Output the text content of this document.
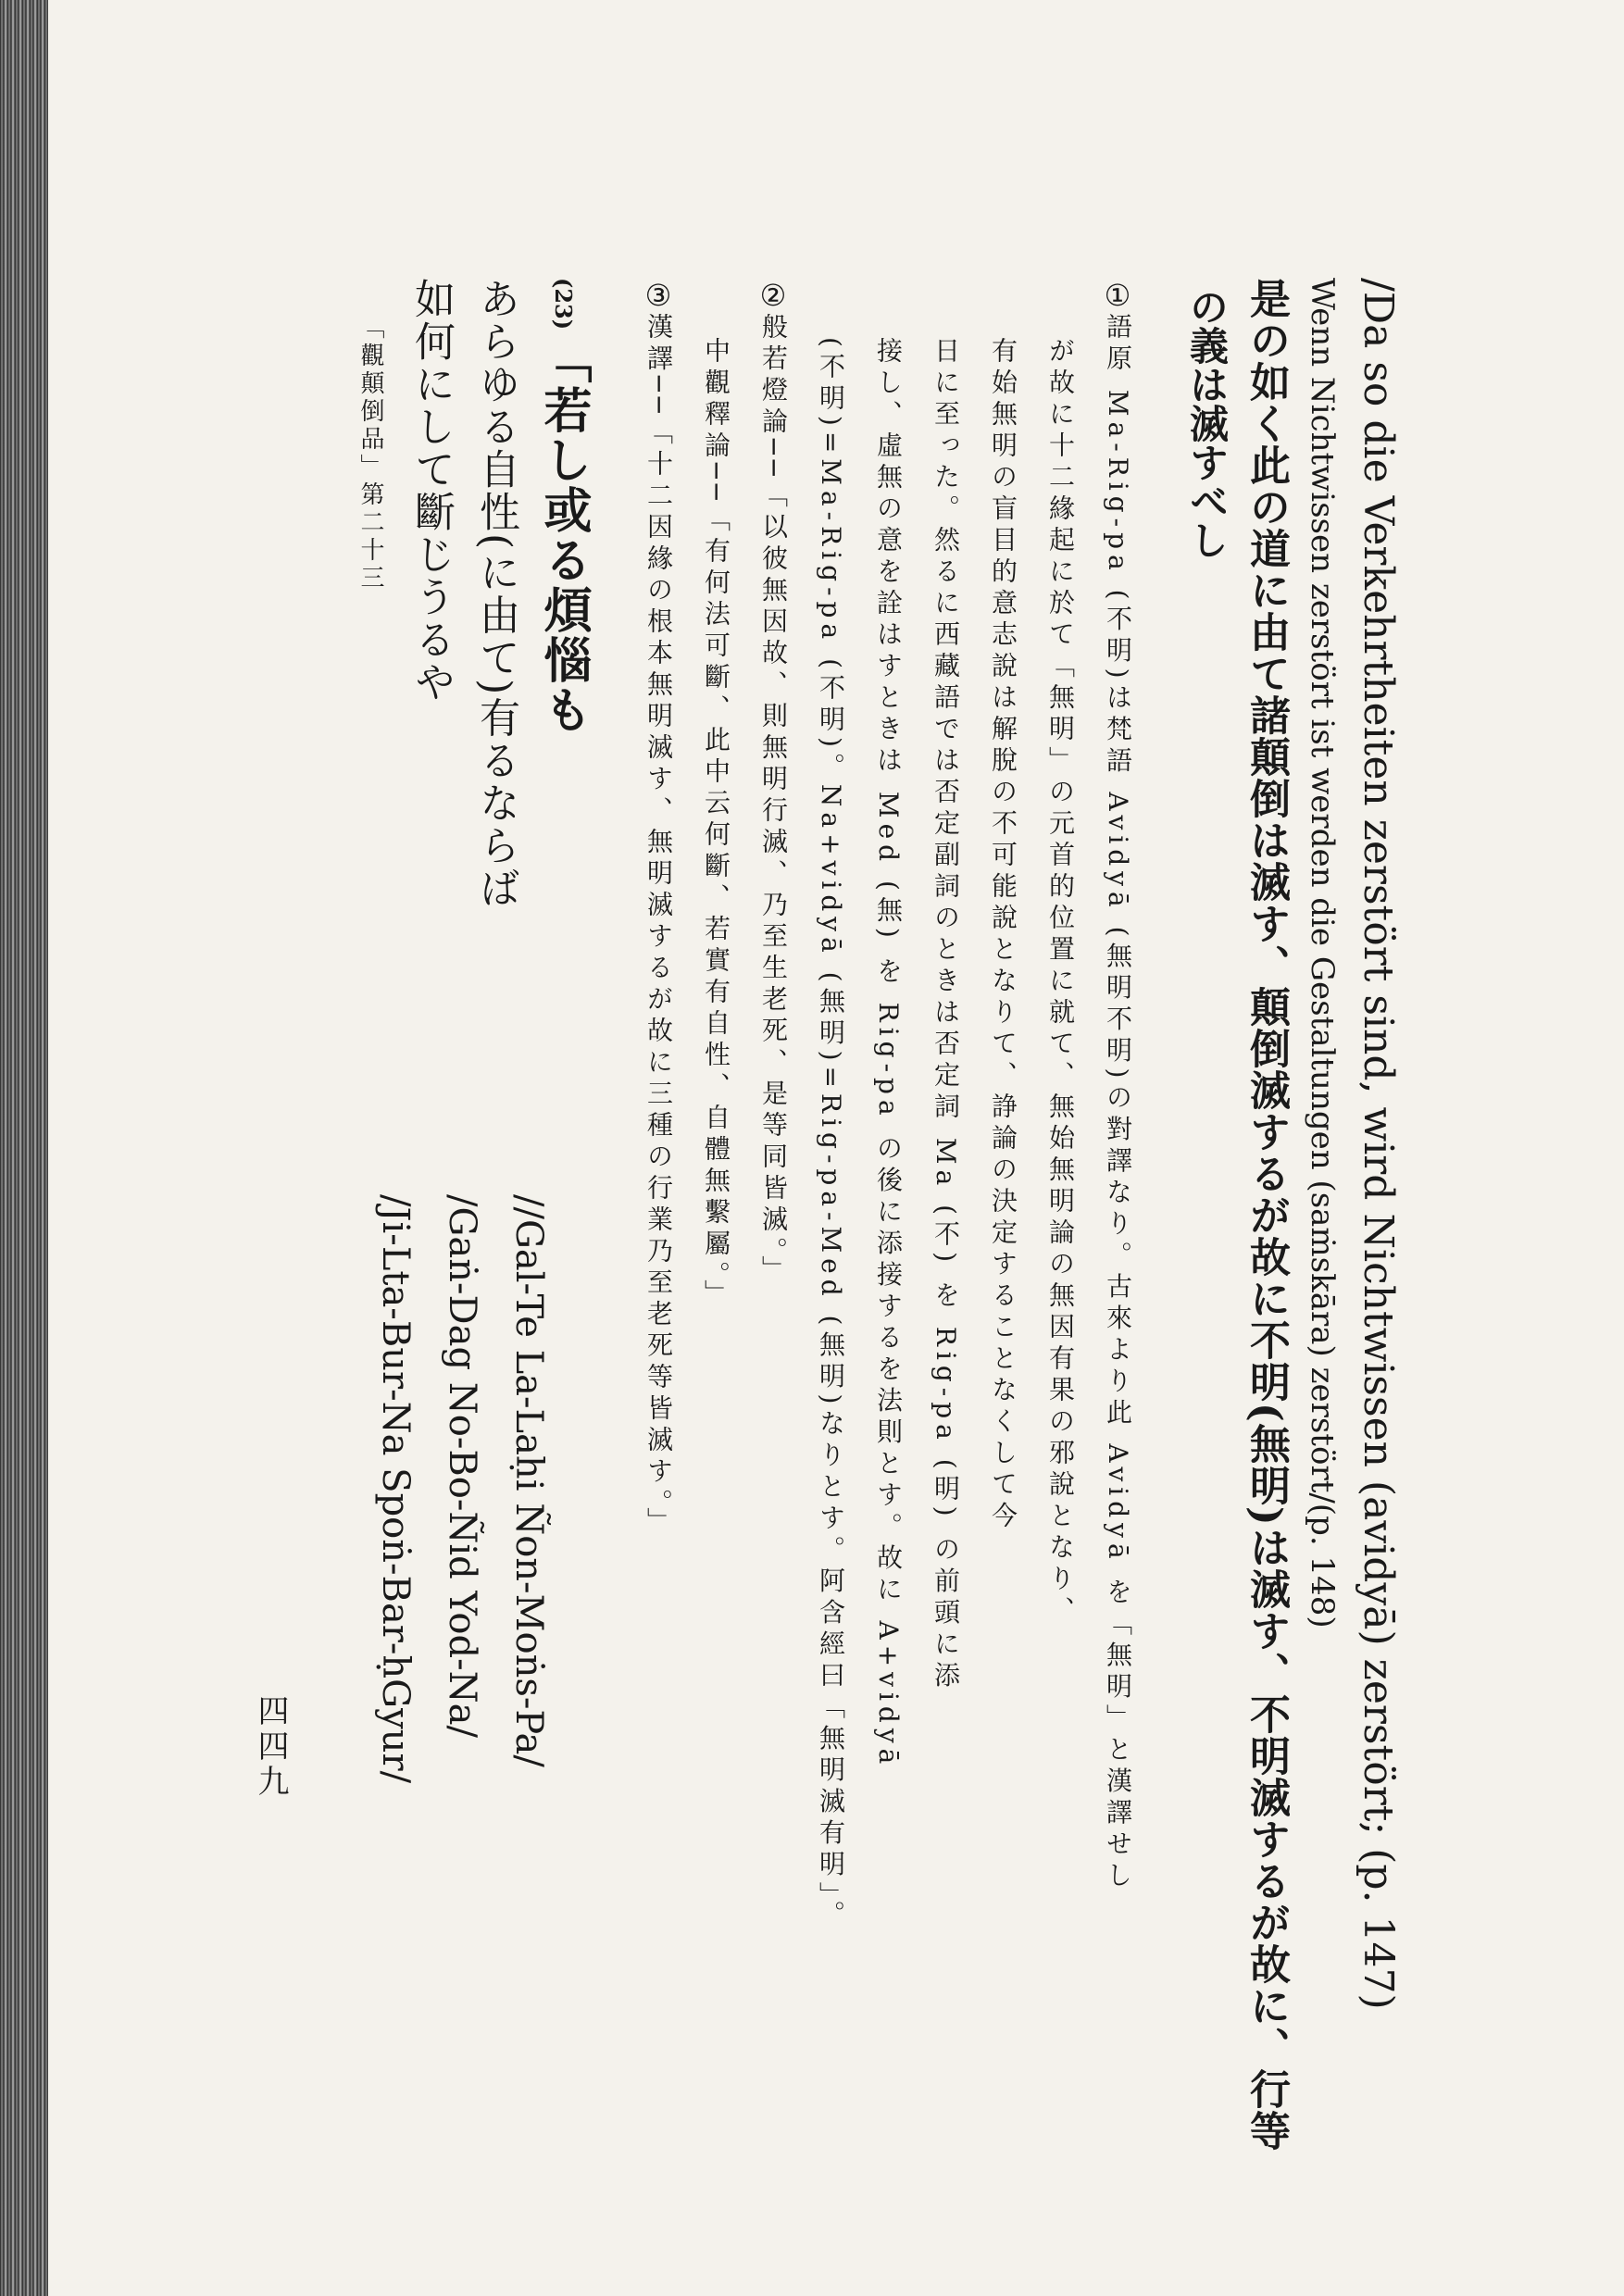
/Da so die Verkehrtheiten zerstört sind, wird Nichtwissen (avidyā) zerstört; (p. 147)
Wenn Nichtwissen zerstört ist werden die Gestaltungen (saṁskāra) zerstört/(p. 148)
是の如く此の道に由て諸顛倒は滅す、顛倒滅するが故に不明(無明)は滅す、不明滅するが故に、行等
の義は滅すべし
①語原 Ma-Rig-pa (不明)は梵語 Avidyā (無明不明)の對譯なり。古來より此 Avidyā を「無明」と漢譯せし
が故に十二緣起に於て「無明」の元首的位置に就て、無始無明論の無因有果の邪說となり、
有始無明の盲目的意志說は解脫の不可能說となりて、諍論の決定することなくして今
日に至った。然るに西藏語では否定副詞のときは否定詞 Ma (不) を Rig-pa (明) の前頭に添
接し、虛無の意を詮はすときは Med (無) を Rig-pa の後に添接するを法則とす。故に A+vidyā
(不明)=Ma-Rig-pa (不明)。Na+vidyā (無明)=Rig-pa-Med (無明)なりとす。阿含經曰「無明滅有明」。
②般若燈論──「以彼無因故、則無明行滅、乃至生老死、是等同皆滅。」
中觀釋論──「有何法可斷、此中云何斷、若實有自性、自體無繫屬。」
③漢譯──「十二因緣の根本無明滅す、無明滅するが故に三種の行業乃至老死等皆滅す。」
(23)「若し或る煩惱も
あらゆる自性(に由て)有るならば
如何にして斷じうるや
「觀顛倒品」第二十三
//Gal-Te La-Laḥi Ñon-Moṅs-Pa/
/Gaṅ-Dag No-Bo-Ñid Yod-Na/
/Ji-Lta-Bur-Na Spoṅ-Bar-ḥGyur/
四四九
